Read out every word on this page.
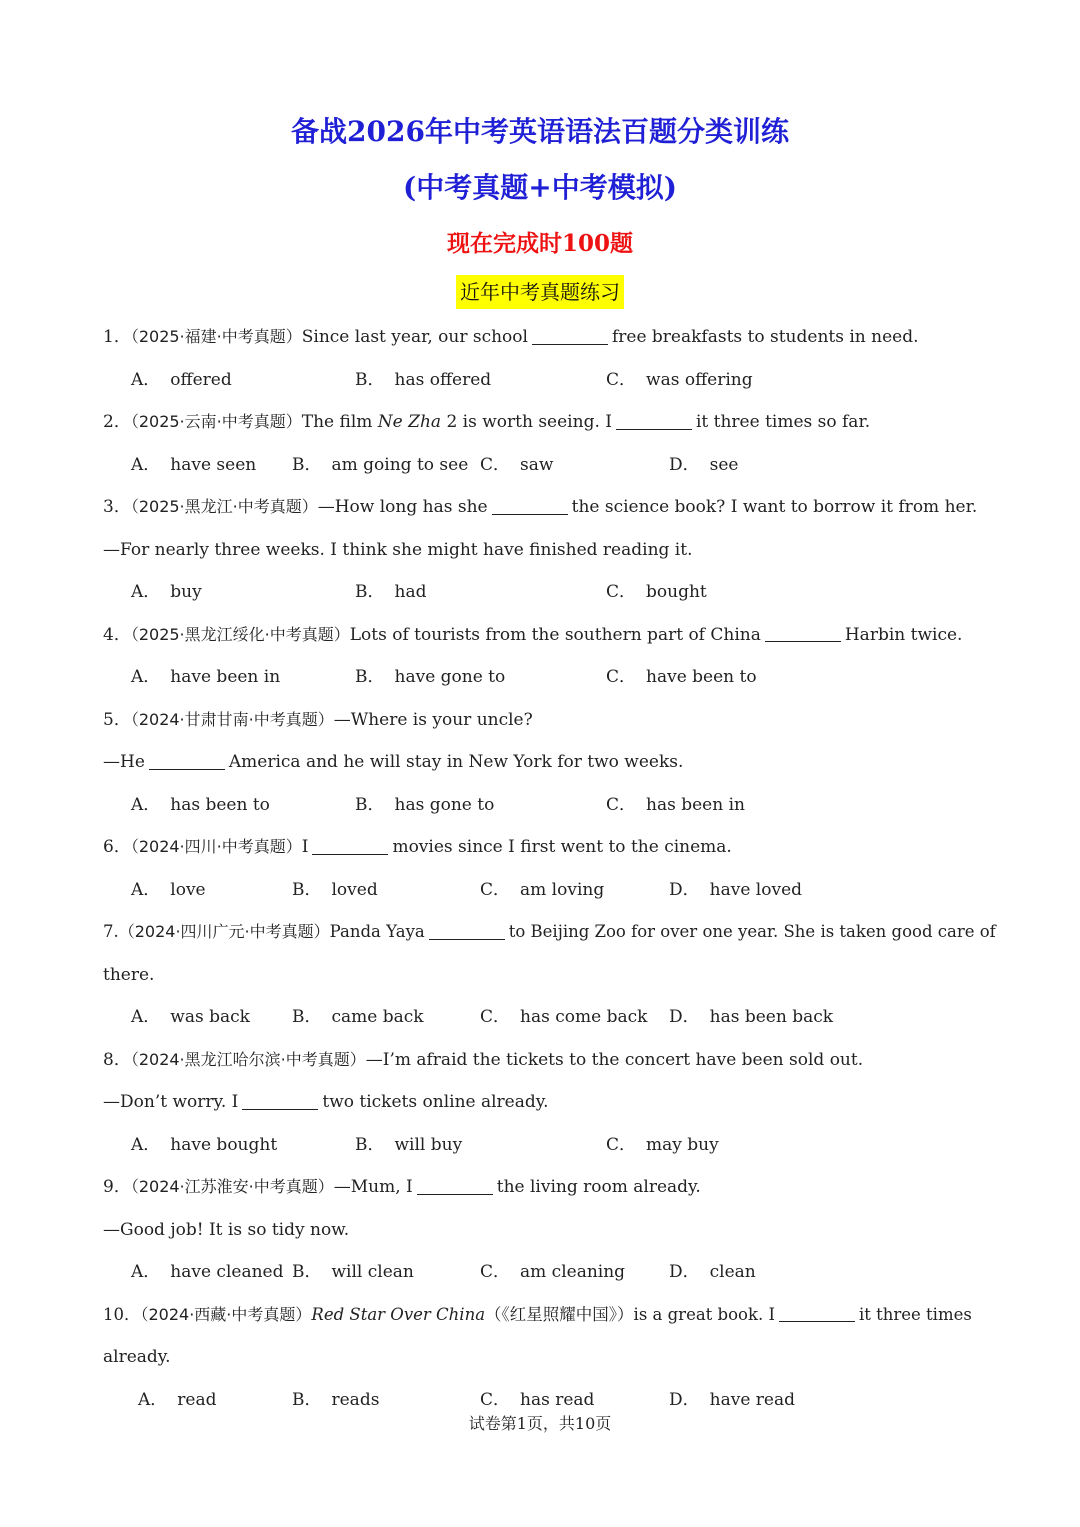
备战2026年中考英语语法百题分类训练
(中考真题+中考模拟)
现在完成时100题
近年中考真题练习
1．（2025·福建·中考真题）Since last year, our school	free breakfasts to students in need.
A． offered	B． has offered	C． was offering
2．（2025·云南·中考真题）The film Ne Zha 2 is worth seeing. I	it three times so far.
A． have seen B． am going to see C． saw	D． see
3．（2025·黑龙江·中考真题）—How long has she	the science book? I want to borrow it from her.
—For nearly three weeks. I think she might have finished reading it.
A． buy	B． had	C． bought
4．（2025·黑龙江绥化·中考真题）Lots of tourists from the southern part of China	Harbin twice.
A． have been in	B． have gone to	C． have been to
5．（2024·甘肃甘南·中考真题）—Where is your uncle?
—He	America and he will stay in New York for two weeks.
A． has been to	B． has gone to	C． has been in
6．（2024·四川·中考真题）I	movies since I first went to the cinema.
A． love	B． loved	C． am loving	D． have loved
7.（2024·四川广元·中考真题）Panda Yaya	to Beijing Zoo for over one year. She is taken good care of
there.
A． was back B． came back	C． has come back D． has been back
8．（2024·黑龙江哈尔滨·中考真题）—I’m afraid the tickets to the concert have been sold out.
—Don’t worry. I	two tickets online already.
A． have bought	B． will buy	C． may buy
9．（2024·江苏淮安·中考真题）—Mum, I	the living room already.
—Good job! It is so tidy now.
A． have cleaned B． will clean	C． am cleaning	D． clean
10．（2024·西藏·中考真题）Red Star Over China（《红星照耀中国》）is a great book. I	it three times
already.
A． read	B． reads	C． has read	D． have read
试卷第1页，共10页
